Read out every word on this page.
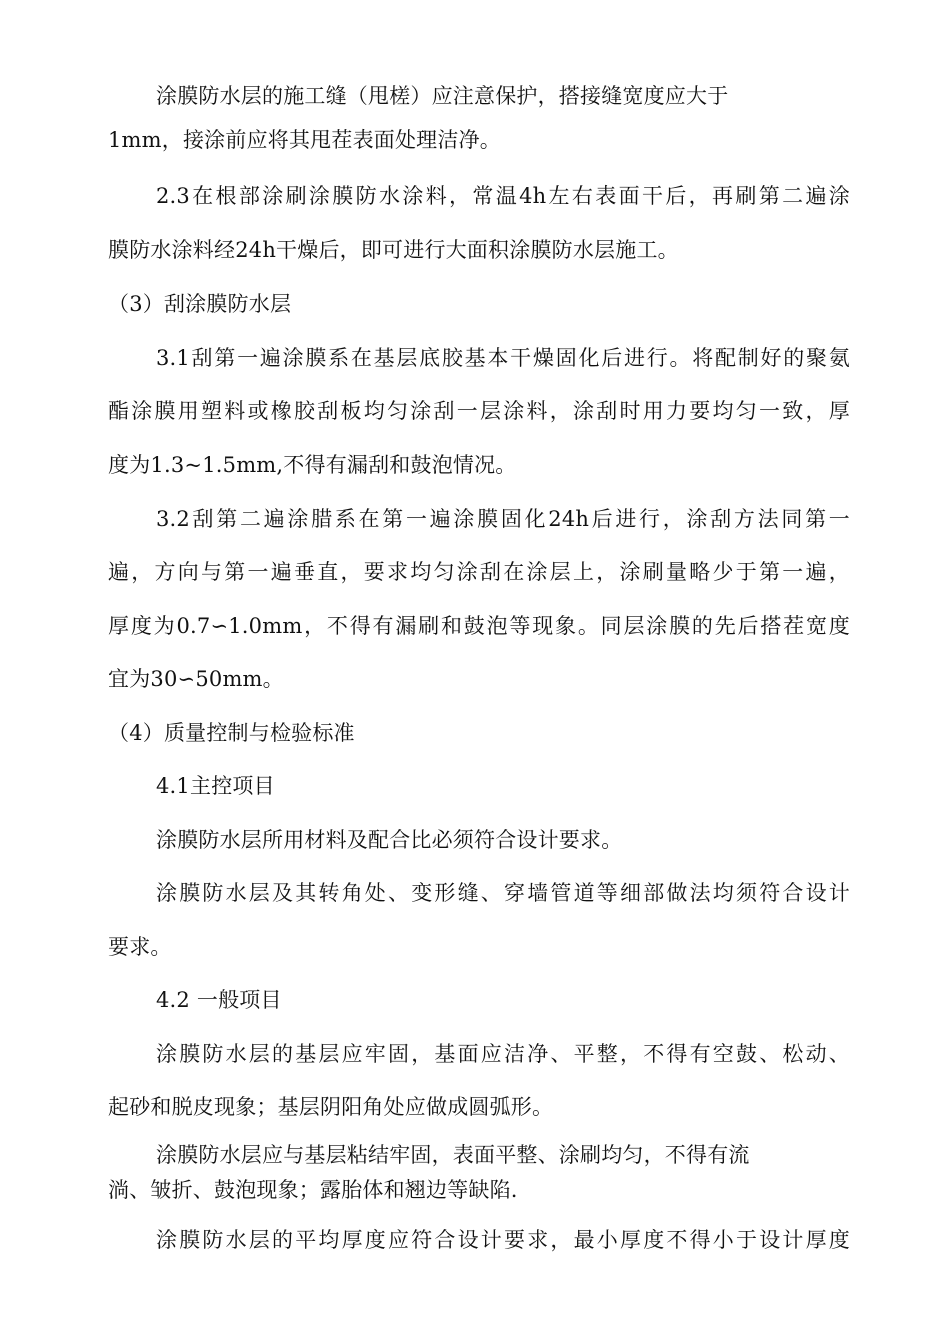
涂膜防水层的施工缝（甩槎）应注意保护，搭接缝宽度应大于
1mm，接涂前应将其甩茬表面处理洁净。
2.3在根部涂刷涂膜防水涂料，常温4h左右表面干后，再刷第二遍涂
膜防水涂料经24h干燥后，即可进行大面积涂膜防水层施工。
（3）刮涂膜防水层
3.1刮第一遍涂膜系在基层底胶基本干燥固化后进行。将配制好的聚氨
酯涂膜用塑料或橡胶刮板均匀涂刮一层涂料，涂刮时用力要均匀一致，厚
度为1.3~1.5mm,不得有漏刮和鼓泡情况。
3.2刮第二遍涂腊系在第一遍涂膜固化24h后进行，涂刮方法同第一
遍，方向与第一遍垂直，要求均匀涂刮在涂层上，涂刷量略少于第一遍，
厚度为0.7∽1.0mm，不得有漏刷和鼓泡等现象。同层涂膜的先后搭茬宽度
宜为30∽50mm。
（4）质量控制与检验标准
4.1主控项目
涂膜防水层所用材料及配合比必须符合设计要求。
涂膜防水层及其转角处、变形缝、穿墙管道等细部做法均须符合设计
要求。
4.2 一般项目
涂膜防水层的基层应牢固，基面应洁净、平整，不得有空鼓、松动、
起砂和脱皮现象；基层阴阳角处应做成圆弧形。
涂膜防水层应与基层粘结牢固，表面平整、涂刷均匀，不得有流
淌、皱折、鼓泡现象；露胎体和翘边等缺陷.
涂膜防水层的平均厚度应符合设计要求，最小厚度不得小于设计厚度
